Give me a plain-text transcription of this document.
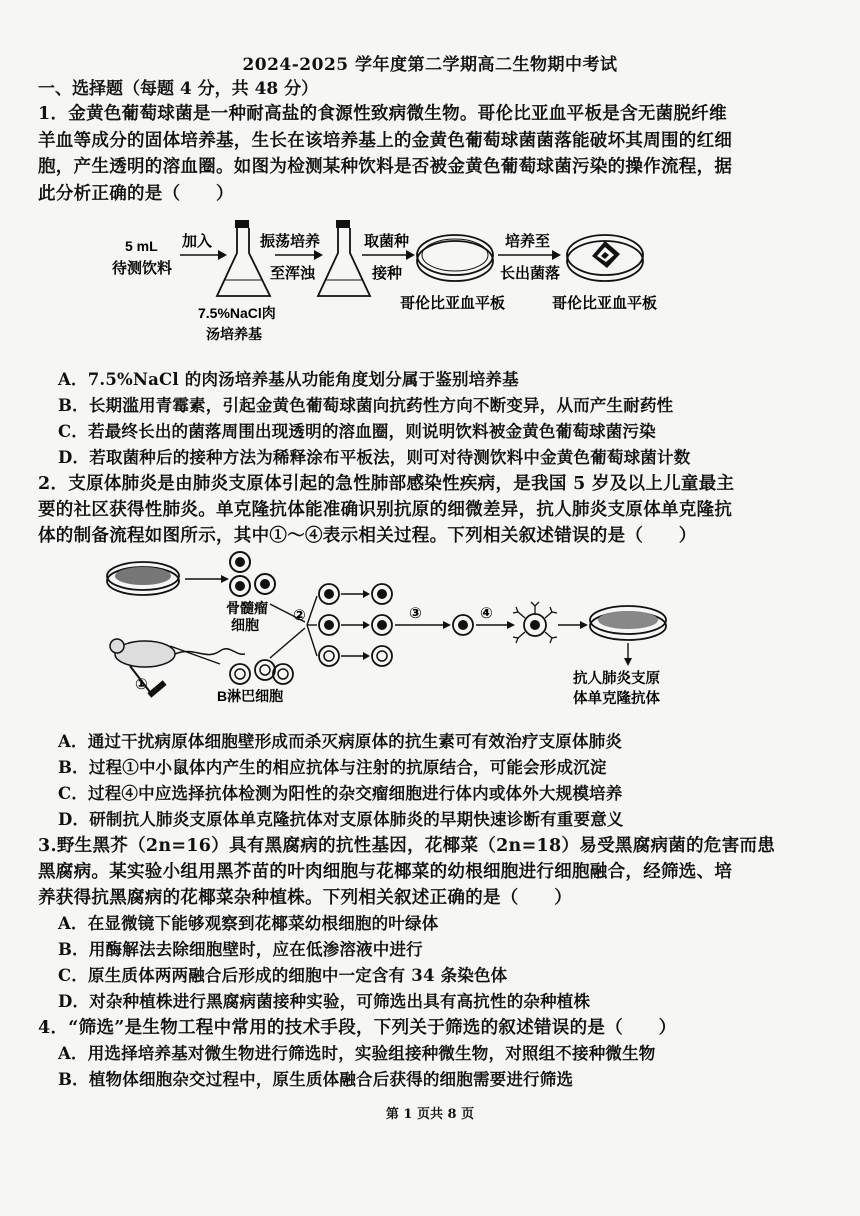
2024-2025 学年度第二学期高二生物期中考试
一、选择题（每题 4 分，共 48 分）
1．金黄色葡萄球菌是一种耐高盐的食源性致病微生物。哥伦比亚血平板是含无菌脱纤维
羊血等成分的固体培养基，生长在该培养基上的金黄色葡萄球菌菌落能破坏其周围的红细
胞，产生透明的溶血圈。如图为检测某种饮料是否被金黄色葡萄球菌污染的操作流程，据
此分析正确的是（　　）
5 mL
待测饮料
加入
7.5%NaCl肉
汤培养基
振荡培养
至浑浊
取菌种
接种
哥伦比亚血平板
培养至
长出菌落
哥伦比亚血平板
A．7.5%NaCl 的肉汤培养基从功能角度划分属于鉴别培养基
B．长期滥用青霉素，引起金黄色葡萄球菌向抗药性方向不断变异，从而产生耐药性
C．若最终长出的菌落周围出现透明的溶血圈，则说明饮料被金黄色葡萄球菌污染
D．若取菌种后的接种方法为稀释涂布平板法，则可对待测饮料中金黄色葡萄球菌计数
2．支原体肺炎是由肺炎支原体引起的急性肺部感染性疾病，是我国 5 岁及以上儿童最主
要的社区获得性肺炎。单克隆抗体能准确识别抗原的细微差异，抗人肺炎支原体单克隆抗
体的制备流程如图所示，其中①～④表示相关过程。下列相关叙述错误的是（　　）
骨髓瘤
细胞
①
B淋巴细胞
②	③	④
抗人肺炎支原
体单克隆抗体
A．通过干扰病原体细胞壁形成而杀灭病原体的抗生素可有效治疗支原体肺炎
B．过程①中小鼠体内产生的相应抗体与注射的抗原结合，可能会形成沉淀
C．过程④中应选择抗体检测为阳性的杂交瘤细胞进行体内或体外大规模培养
D．研制抗人肺炎支原体单克隆抗体对支原体肺炎的早期快速诊断有重要意义
3.野生黑芥（2n=16）具有黑腐病的抗性基因，花椰菜（2n=18）易受黑腐病菌的危害而患
黑腐病。某实验小组用黑芥苗的叶肉细胞与花椰菜的幼根细胞进行细胞融合，经筛选、培
养获得抗黑腐病的花椰菜杂种植株。下列相关叙述正确的是（　　）
A．在显微镜下能够观察到花椰菜幼根细胞的叶绿体
B．用酶解法去除细胞壁时，应在低渗溶液中进行
C．原生质体两两融合后形成的细胞中一定含有 34 条染色体
D．对杂种植株进行黑腐病菌接种实验，可筛选出具有高抗性的杂种植株
4．“筛选”是生物工程中常用的技术手段，下列关于筛选的叙述错误的是（　　）
A．用选择培养基对微生物进行筛选时，实验组接种微生物，对照组不接种微生物
B．植物体细胞杂交过程中，原生质体融合后获得的细胞需要进行筛选
第 1 页共 8 页
